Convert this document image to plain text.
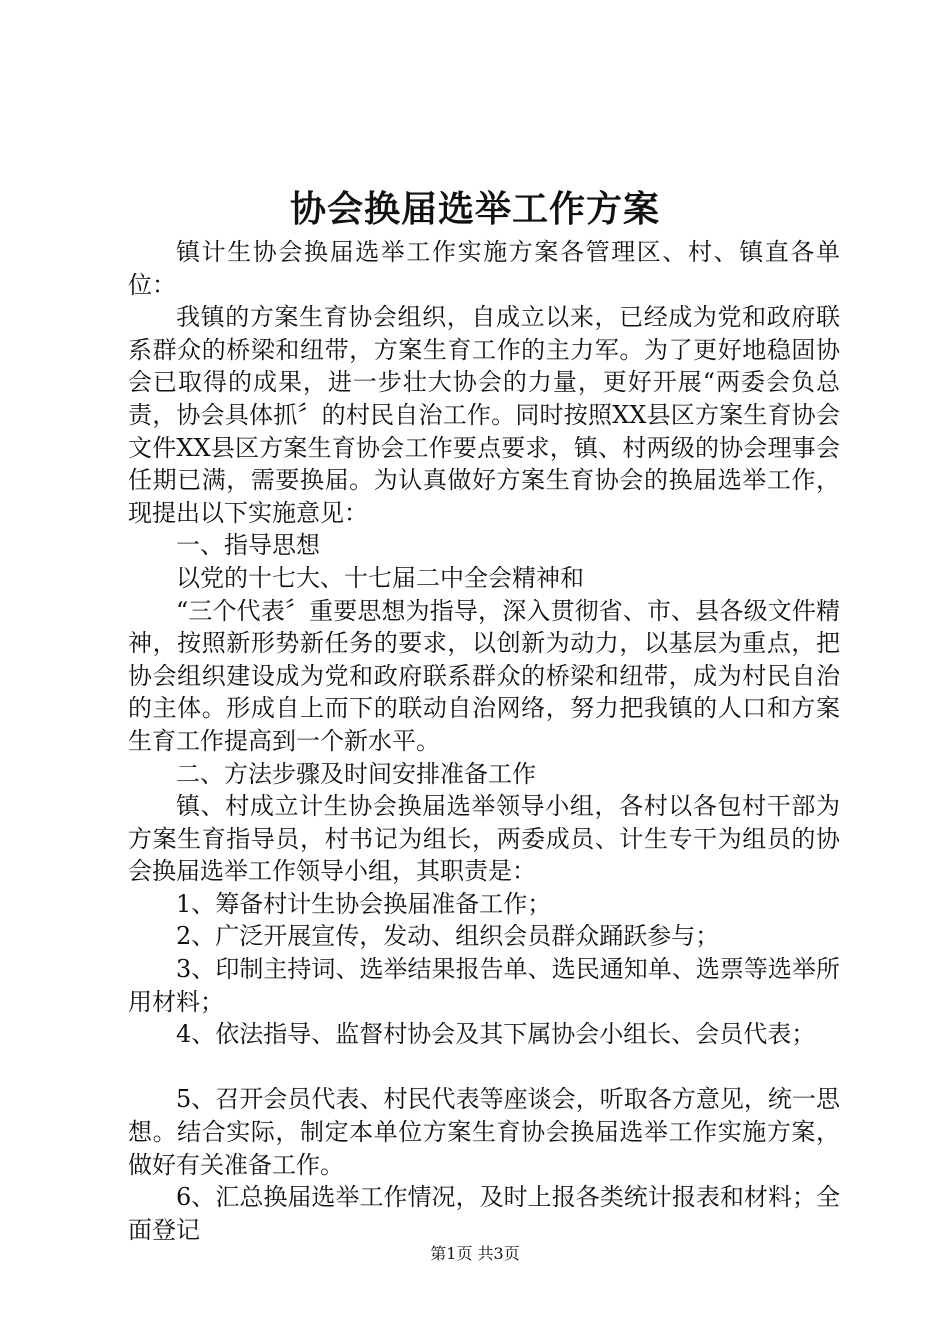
协会换届选举工作方案

镇计生协会换届选举工作实施方案各管理区、村、镇直各单位：

我镇的方案生育协会组织，自成立以来，已经成为党和政府联系群众的桥梁和纽带，方案生育工作的主力军。为了更好地稳固协会已取得的成果，进一步壮大协会的力量，更好开展“两委会负总责，协会具体抓〞的村民自治工作。同时按照XX县区方案生育协会文件XX县区方案生育协会工作要点要求，镇、村两级的协会理事会任期已满，需要换届。为认真做好方案生育协会的换届选举工作，现提出以下实施意见：

一、指导思想

以党的十七大、十七届二中全会精神和

“三个代表〞重要思想为指导，深入贯彻省、市、县各级文件精神，按照新形势新任务的要求，以创新为动力，以基层为重点，把协会组织建设成为党和政府联系群众的桥梁和纽带，成为村民自治的主体。形成自上而下的联动自治网络，努力把我镇的人口和方案生育工作提高到一个新水平。

二、方法步骤及时间安排准备工作

镇、村成立计生协会换届选举领导小组，各村以各包村干部为方案生育指导员，村书记为组长，两委成员、计生专干为组员的协会换届选举工作领导小组，其职责是：

1、筹备村计生协会换届准备工作；

2、广泛开展宣传，发动、组织会员群众踊跃参与；

3、印制主持词、选举结果报告单、选民通知单、选票等选举所用材料；

4、依法指导、监督村协会及其下属协会小组长、会员代表；

5、召开会员代表、村民代表等座谈会，听取各方意见，统一思想。结合实际，制定本单位方案生育协会换届选举工作实施方案，做好有关准备工作。

6、汇总换届选举工作情况，及时上报各类统计报表和材料；全面登记

第1页 共3页
